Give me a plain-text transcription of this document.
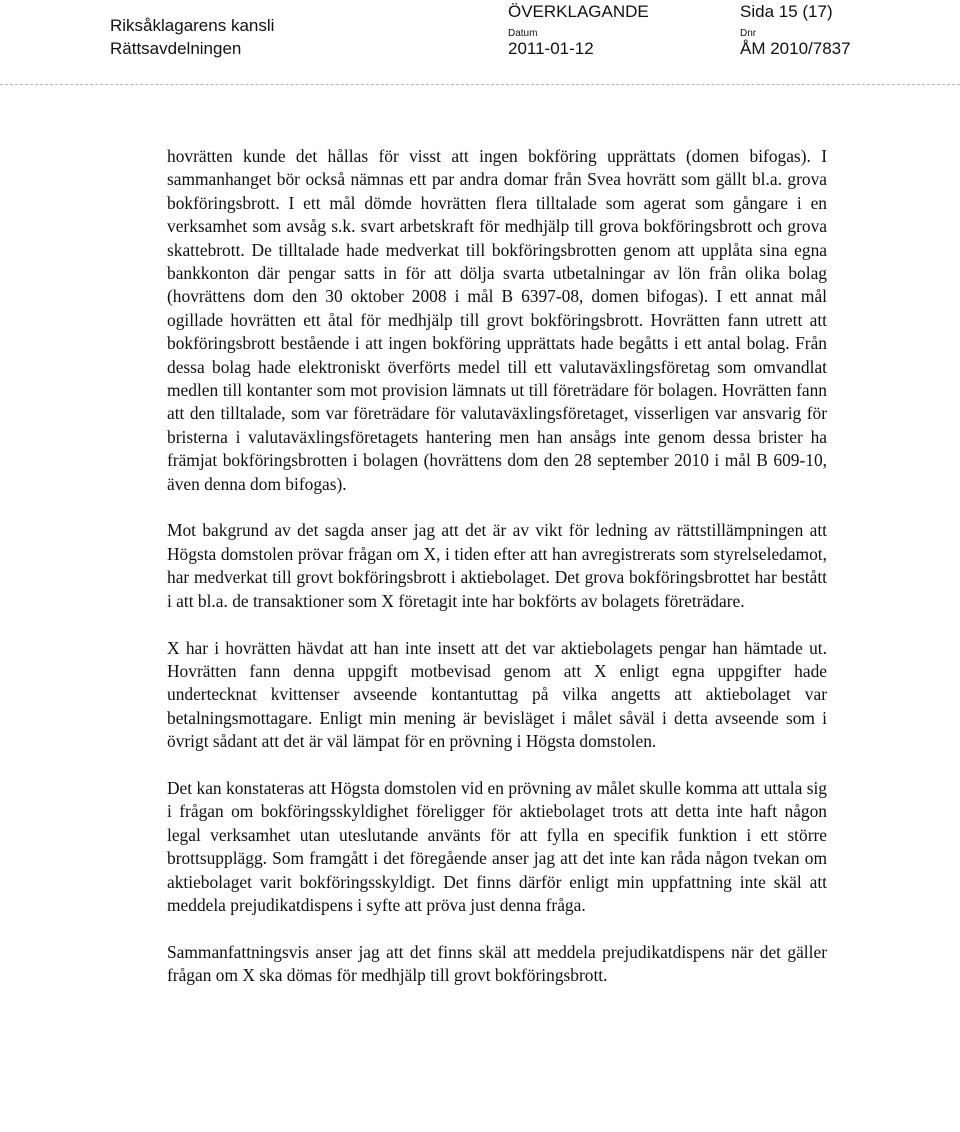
Riksåklagarens kansli
Rättsavdelningen
ÖVERKLAGANDE
Datum
2011-01-12
Sida 15 (17)
Dnr
ÅM 2010/7837

hovrätten kunde det hållas för visst att ingen bokföring upprättats (domen bifogas). I sammanhanget bör också nämnas ett par andra domar från Svea hovrätt som gällt bl.a. grova bokföringsbrott. I ett mål dömde hovrätten flera tilltalade som agerat som gångare i en verksamhet som avsåg s.k. svart arbetskraft för medhjälp till grova bokföringsbrott och grova skattebrott. De tilltalade hade medverkat till bokföringsbrotten genom att upplåta sina egna bankkonton där pengar satts in för att dölja svarta utbetalningar av lön från olika bolag (hovrättens dom den 30 oktober 2008 i mål B 6397-08, domen bifogas). I ett annat mål ogillade hovrätten ett åtal för medhjälp till grovt bokföringsbrott. Hovrätten fann utrett att bokföringsbrott bestående i att ingen bokföring upprättats hade begåtts i ett antal bolag. Från dessa bolag hade elektroniskt överförts medel till ett valutaväxlingsföretag som omvandlat medlen till kontanter som mot provision lämnats ut till företrädare för bolagen. Hovrätten fann att den tilltalade, som var företrädare för valutaväxlingsföretaget, visserligen var ansvarig för bristerna i valutaväxlingsföretagets hantering men han ansågs inte genom dessa brister ha främjat bokföringsbrotten i bolagen (hovrättens dom den 28 september 2010 i mål B 609-10, även denna dom bifogas).

Mot bakgrund av det sagda anser jag att det är av vikt för ledning av rättstillämpningen att Högsta domstolen prövar frågan om X, i tiden efter att han avregistrerats som styrelseledamot, har medverkat till grovt bokföringsbrott i aktiebolaget. Det grova bokföringsbrottet har bestått i att bl.a. de transaktioner som X företagit inte har bokförts av bolagets företrädare.

X har i hovrätten hävdat att han inte insett att det var aktiebolagets pengar han hämtade ut. Hovrätten fann denna uppgift motbevisad genom att X enligt egna uppgifter hade undertecknat kvittenser avseende kontantuttag på vilka angetts att aktiebolaget var betalningsmottagare. Enligt min mening är bevisläget i målet såväl i detta avseende som i övrigt sådant att det är väl lämpat för en prövning i Högsta domstolen.

Det kan konstateras att Högsta domstolen vid en prövning av målet skulle komma att uttala sig i frågan om bokföringsskyldighet föreligger för aktiebolaget trots att detta inte haft någon legal verksamhet utan uteslutande använts för att fylla en specifik funktion i ett större brottsupplägg. Som framgått i det föregående anser jag att det inte kan råda någon tvekan om aktiebolaget varit bokföringsskyldigt. Det finns därför enligt min uppfattning inte skäl att meddela prejudikatdispens i syfte att pröva just denna fråga.

Sammanfattningsvis anser jag att det finns skäl att meddela prejudikatdispens när det gäller frågan om X ska dömas för medhjälp till grovt bokföringsbrott.
